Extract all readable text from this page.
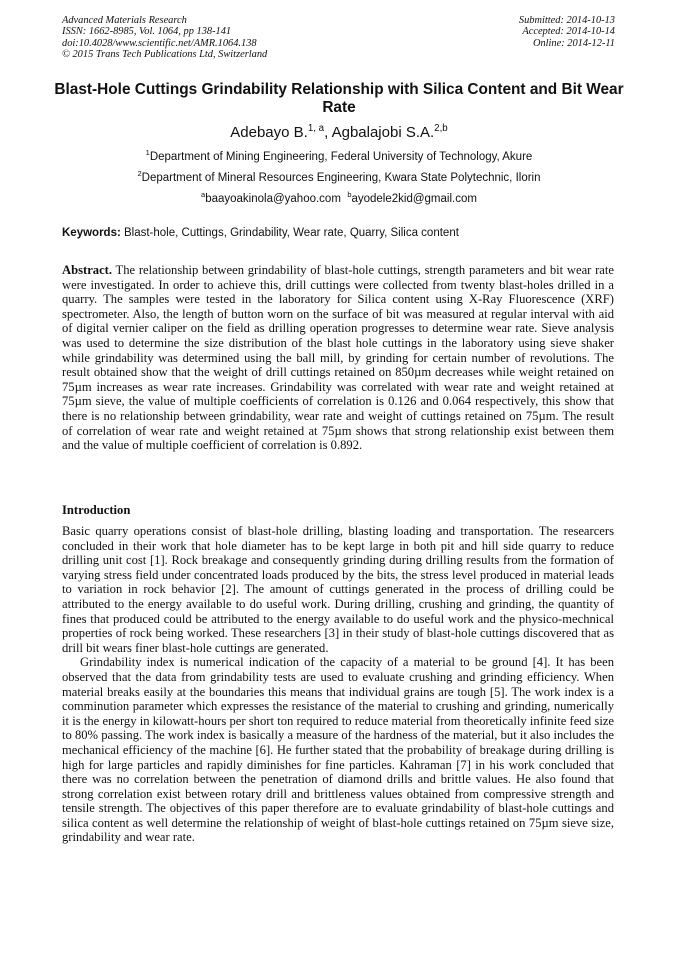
Advanced Materials Research
ISSN: 1662-8985, Vol. 1064, pp 138-141
doi:10.4028/www.scientific.net/AMR.1064.138
© 2015 Trans Tech Publications Ltd, Switzerland
Submitted: 2014-10-13
Accepted: 2014-10-14
Online: 2014-12-11
Blast-Hole Cuttings Grindability Relationship with Silica Content and Bit Wear Rate
Adebayo B.$^{1, a}$, Agbalajobi S.A.$^{2,b}$
$^1$Department of Mining Engineering, Federal University of Technology, Akure
$^2$Department of Mineral Resources Engineering, Kwara State Polytechnic, Ilorin
$^a$baayoakinola@yahoo.com $^b$ayodele2kid@gmail.com
Keywords: Blast-hole, Cuttings, Grindability, Wear rate, Quarry, Silica content

Abstract. The relationship between grindability of blast-hole cuttings, strength parameters and bit wear rate were investigated. In order to achieve this, drill cuttings were collected from twenty blast-holes drilled in a quarry. The samples were tested in the laboratory for Silica content using X-Ray Fluorescence (XRF) spectrometer. Also, the length of button worn on the surface of bit was measured at regular interval with aid of digital vernier caliper on the field as drilling operation progresses to determine wear rate. Sieve analysis was used to determine the size distribution of the blast hole cuttings in the laboratory using sieve shaker while grindability was determined using the ball mill, by grinding for certain number of revolutions. The result obtained show that the weight of drill cuttings retained on 850µm decreases while weight retained on 75µm increases as wear rate increases. Grindability was correlated with wear rate and weight retained at 75µm sieve, the value of multiple coefficients of correlation is 0.126 and 0.064 respectively, this show that there is no relationship between grindability, wear rate and weight of cuttings retained on 75µm. The result of correlation of wear rate and weight retained at 75µm shows that strong relationship exist between them and the value of multiple coefficient of correlation is 0.892.

Introduction

Basic quarry operations consist of blast-hole drilling, blasting loading and transportation. The researcers concluded in their work that hole diameter has to be kept large in both pit and hill side quarry to reduce drilling unit cost [1]. Rock breakage and consequently grinding during drilling results from the formation of varying stress field under concentrated loads produced by the bits, the stress level produced in material leads to variation in rock behavior [2]. The amount of cuttings generated in the process of drilling could be attributed to the energy available to do useful work. During drilling, crushing and grinding, the quantity of fines that produced could be attributed to the energy available to do useful work and the physico-mechnical properties of rock being worked. These researchers [3] in their study of blast-hole cuttings discovered that as drill bit wears finer blast-hole cuttings are generated.

Grindability index is numerical indication of the capacity of a material to be ground [4]. It has been observed that the data from grindability tests are used to evaluate crushing and grinding efficiency. When material breaks easily at the boundaries this means that individual grains are tough [5]. The work index is a comminution parameter which expresses the resistance of the material to crushing and grinding, numerically it is the energy in kilowatt-hours per short ton required to reduce material from theoretically infinite feed size to 80% passing. The work index is basically a measure of the hardness of the material, but it also includes the mechanical efficiency of the machine [6]. He further stated that the probability of breakage during drilling is high for large particles and rapidly diminishes for fine particles. Kahraman [7] in his work concluded that there was no correlation between the penetration of diamond drills and brittle values. He also found that strong correlation exist between rotary drill and brittleness values obtained from compressive strength and tensile strength. The objectives of this paper therefore are to evaluate grindability of blast-hole cuttings and silica content as well determine the relationship of weight of blast-hole cuttings retained on 75µm sieve size, grindability and wear rate.
